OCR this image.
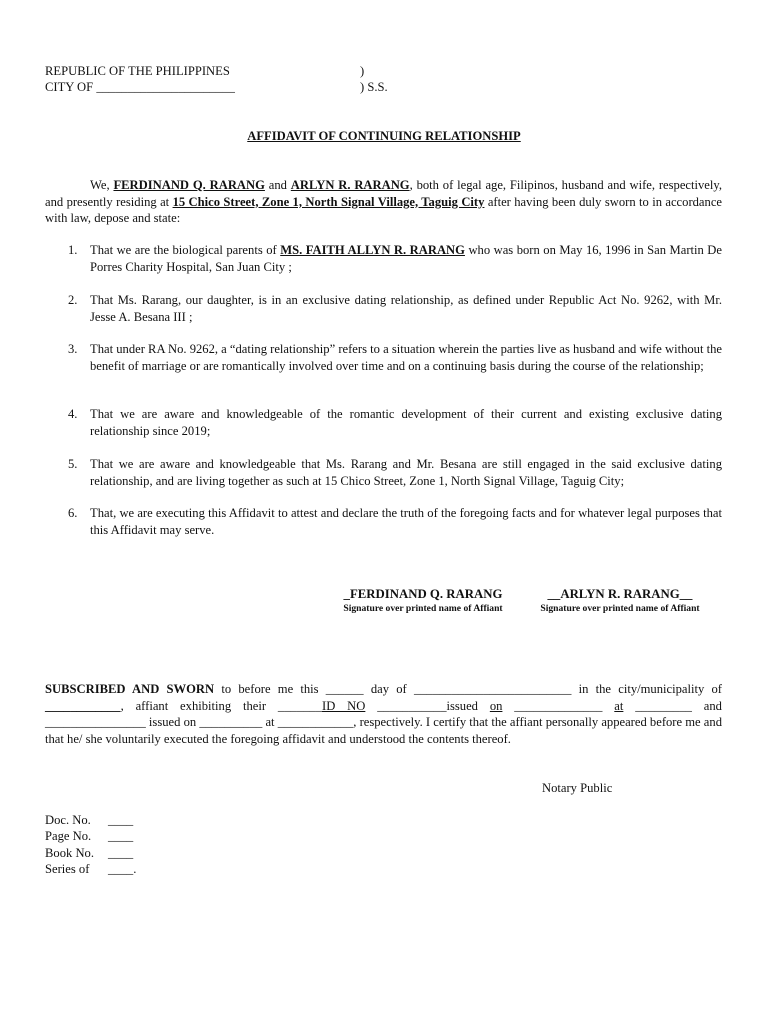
REPUBLIC OF THE PHILIPPINES	)
CITY OF ______________________	) S.S.
AFFIDAVIT OF CONTINUING RELATIONSHIP
We, FERDINAND Q. RARANG and ARLYN R. RARANG, both of legal age, Filipinos, husband and wife, respectively, and presently residing at 15 Chico Street, Zone 1, North Signal Village, Taguig City after having been duly sworn to in accordance with law, depose and state:
1. That we are the biological parents of MS. FAITH ALLYN R. RARANG who was born on May 16, 1996 in San Martin De Porres Charity Hospital, San Juan City ;
2. That Ms. Rarang, our daughter, is in an exclusive dating relationship, as defined under Republic Act No. 9262, with Mr. Jesse A. Besana III ;
3. That under RA No. 9262, a “dating relationship” refers to a situation wherein the parties live as husband and wife without the benefit of marriage or are romantically involved over time and on a continuing basis during the course of the relationship;
4. That we are aware and knowledgeable of the romantic development of their current and existing exclusive dating relationship since 2019;
5. That we are aware and knowledgeable that Ms. Rarang and Mr. Besana are still engaged in the said exclusive dating relationship, and are living together as such at 15 Chico Street, Zone 1, North Signal Village, Taguig City;
6. That, we are executing this Affidavit to attest and declare the truth of the foregoing facts and for whatever legal purposes that this Affidavit may serve.
_FERDINAND Q. RARANG
Signature over printed name of Affiant
__ARLYN R. RARANG__
Signature over printed name of Affiant
SUBSCRIBED AND SWORN to before me this ______ day of _________________________ in the city/municipality of ____________, affiant exhibiting their _______ID NO ___________issued on ______________ at _________ and ________________ issued on __________ at ____________, respectively. I certify that the affiant personally appeared before me and that he/ she voluntarily executed the foregoing affidavit and understood the contents thereof.
Notary Public
Doc. No. ____
Page No. ____
Book No. ____
Series of ____.
